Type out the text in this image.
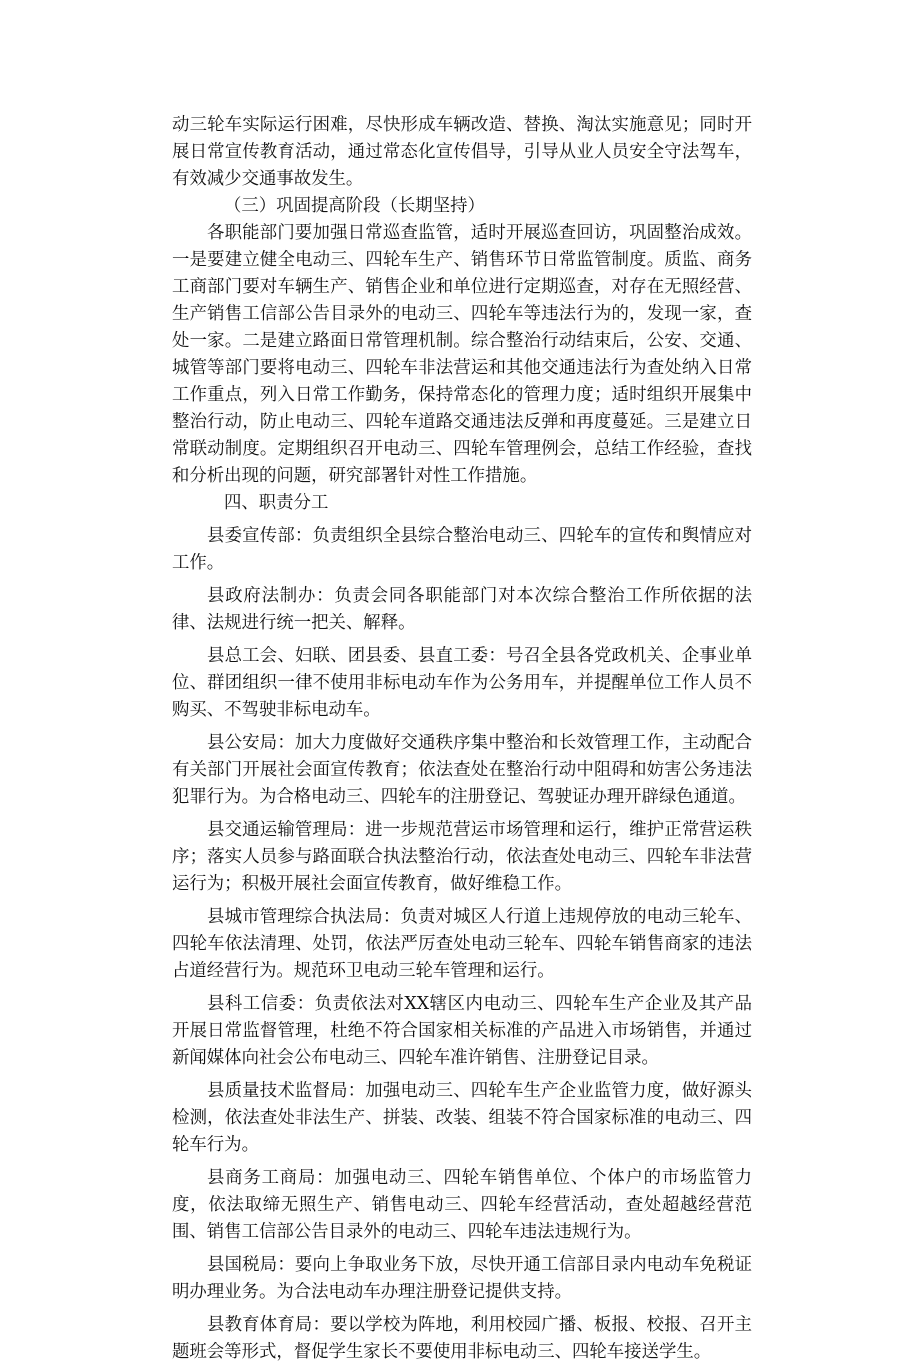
动三轮车实际运行困难，尽快形成车辆改造、替换、淘汰实施意见；同时开展日常宣传教育活动，通过常态化宣传倡导，引导从业人员安全守法驾车，有效减少交通事故发生。

（三）巩固提高阶段（长期坚持）

各职能部门要加强日常巡查监管，适时开展巡查回访，巩固整治成效。一是要建立健全电动三、四轮车生产、销售环节日常监管制度。质监、商务工商部门要对车辆生产、销售企业和单位进行定期巡查，对存在无照经营、生产销售工信部公告目录外的电动三、四轮车等违法行为的，发现一家，查处一家。二是建立路面日常管理机制。综合整治行动结束后，公安、交通、城管等部门要将电动三、四轮车非法营运和其他交通违法行为查处纳入日常工作重点，列入日常工作勤务，保持常态化的管理力度；适时组织开展集中整治行动，防止电动三、四轮车道路交通违法反弹和再度蔓延。三是建立日常联动制度。定期组织召开电动三、四轮车管理例会，总结工作经验，查找和分析出现的问题，研究部署针对性工作措施。

四、职责分工

县委宣传部：负责组织全县综合整治电动三、四轮车的宣传和舆情应对工作。

县政府法制办：负责会同各职能部门对本次综合整治工作所依据的法律、法规进行统一把关、解释。

县总工会、妇联、团县委、县直工委：号召全县各党政机关、企事业单位、群团组织一律不使用非标电动车作为公务用车，并提醒单位工作人员不购买、不驾驶非标电动车。

县公安局：加大力度做好交通秩序集中整治和长效管理工作，主动配合有关部门开展社会面宣传教育；依法查处在整治行动中阻碍和妨害公务违法犯罪行为。为合格电动三、四轮车的注册登记、驾驶证办理开辟绿色通道。

县交通运输管理局：进一步规范营运市场管理和运行，维护正常营运秩序；落实人员参与路面联合执法整治行动，依法查处电动三、四轮车非法营运行为；积极开展社会面宣传教育，做好维稳工作。

县城市管理综合执法局：负责对城区人行道上违规停放的电动三轮车、四轮车依法清理、处罚，依法严厉查处电动三轮车、四轮车销售商家的违法占道经营行为。规范环卫电动三轮车管理和运行。

县科工信委：负责依法对XX辖区内电动三、四轮车生产企业及其产品开展日常监督管理，杜绝不符合国家相关标准的产品进入市场销售，并通过新闻媒体向社会公布电动三、四轮车准许销售、注册登记目录。

县质量技术监督局：加强电动三、四轮车生产企业监管力度，做好源头检测，依法查处非法生产、拼装、改装、组装不符合国家标准的电动三、四轮车行为。

县商务工商局：加强电动三、四轮车销售单位、个体户的市场监管力度，依法取缔无照生产、销售电动三、四轮车经营活动，查处超越经营范围、销售工信部公告目录外的电动三、四轮车违法违规行为。

县国税局：要向上争取业务下放，尽快开通工信部目录内电动车免税证明办理业务。为合法电动车办理注册登记提供支持。

县教育体育局：要以学校为阵地，利用校园广播、板报、校报、召开主题班会等形式，督促学生家长不要使用非标电动三、四轮车接送学生。
